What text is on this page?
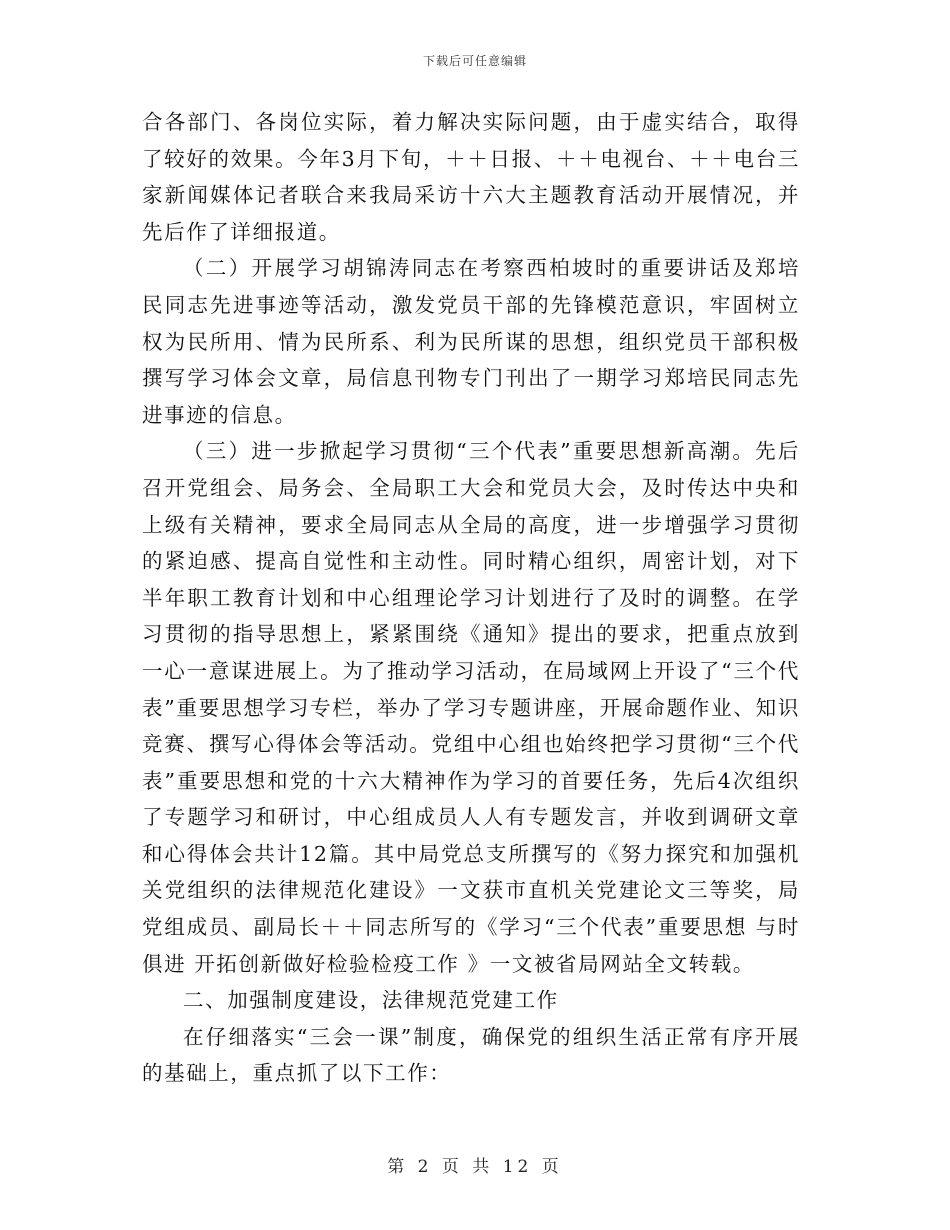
下载后可任意编辑

合各部门、各岗位实际，着力解决实际问题，由于虚实结合，取得了较好的效果。今年3月下旬，＋＋日报、＋＋电视台、＋＋电台三家新闻媒体记者联合来我局采访十六大主题教育活动开展情况，并先后作了详细报道。

（二）开展学习胡锦涛同志在考察西柏坡时的重要讲话及郑培民同志先进事迹等活动，激发党员干部的先锋模范意识，牢固树立权为民所用、情为民所系、利为民所谋的思想，组织党员干部积极撰写学习体会文章，局信息刊物专门刊出了一期学习郑培民同志先进事迹的信息。

（三）进一步掀起学习贯彻“三个代表”重要思想新高潮。先后召开党组会、局务会、全局职工大会和党员大会，及时传达中央和上级有关精神，要求全局同志从全局的高度，进一步增强学习贯彻的紧迫感、提高自觉性和主动性。同时精心组织，周密计划，对下半年职工教育计划和中心组理论学习计划进行了及时的调整。在学习贯彻的指导思想上，紧紧围绕《通知》提出的要求，把重点放到一心一意谋进展上。为了推动学习活动，在局域网上开设了“三个代表”重要思想学习专栏，举办了学习专题讲座，开展命题作业、知识竞赛、撰写心得体会等活动。党组中心组也始终把学习贯彻“三个代表”重要思想和党的十六大精神作为学习的首要任务，先后4次组织了专题学习和研讨，中心组成员人人有专题发言，并收到调研文章和心得体会共计12篇。其中局党总支所撰写的《努力探究和加强机关党组织的法律规范化建设》一文获市直机关党建论文三等奖，局党组成员、副局长＋＋同志所写的《学习“三个代表”重要思想 与时俱进 开拓创新做好检验检疫工作 》一文被省局网站全文转载。

二、加强制度建设，法律规范党建工作

在仔细落实“三会一课”制度，确保党的组织生活正常有序开展的基础上，重点抓了以下工作：

第 2 页 共 12 页
